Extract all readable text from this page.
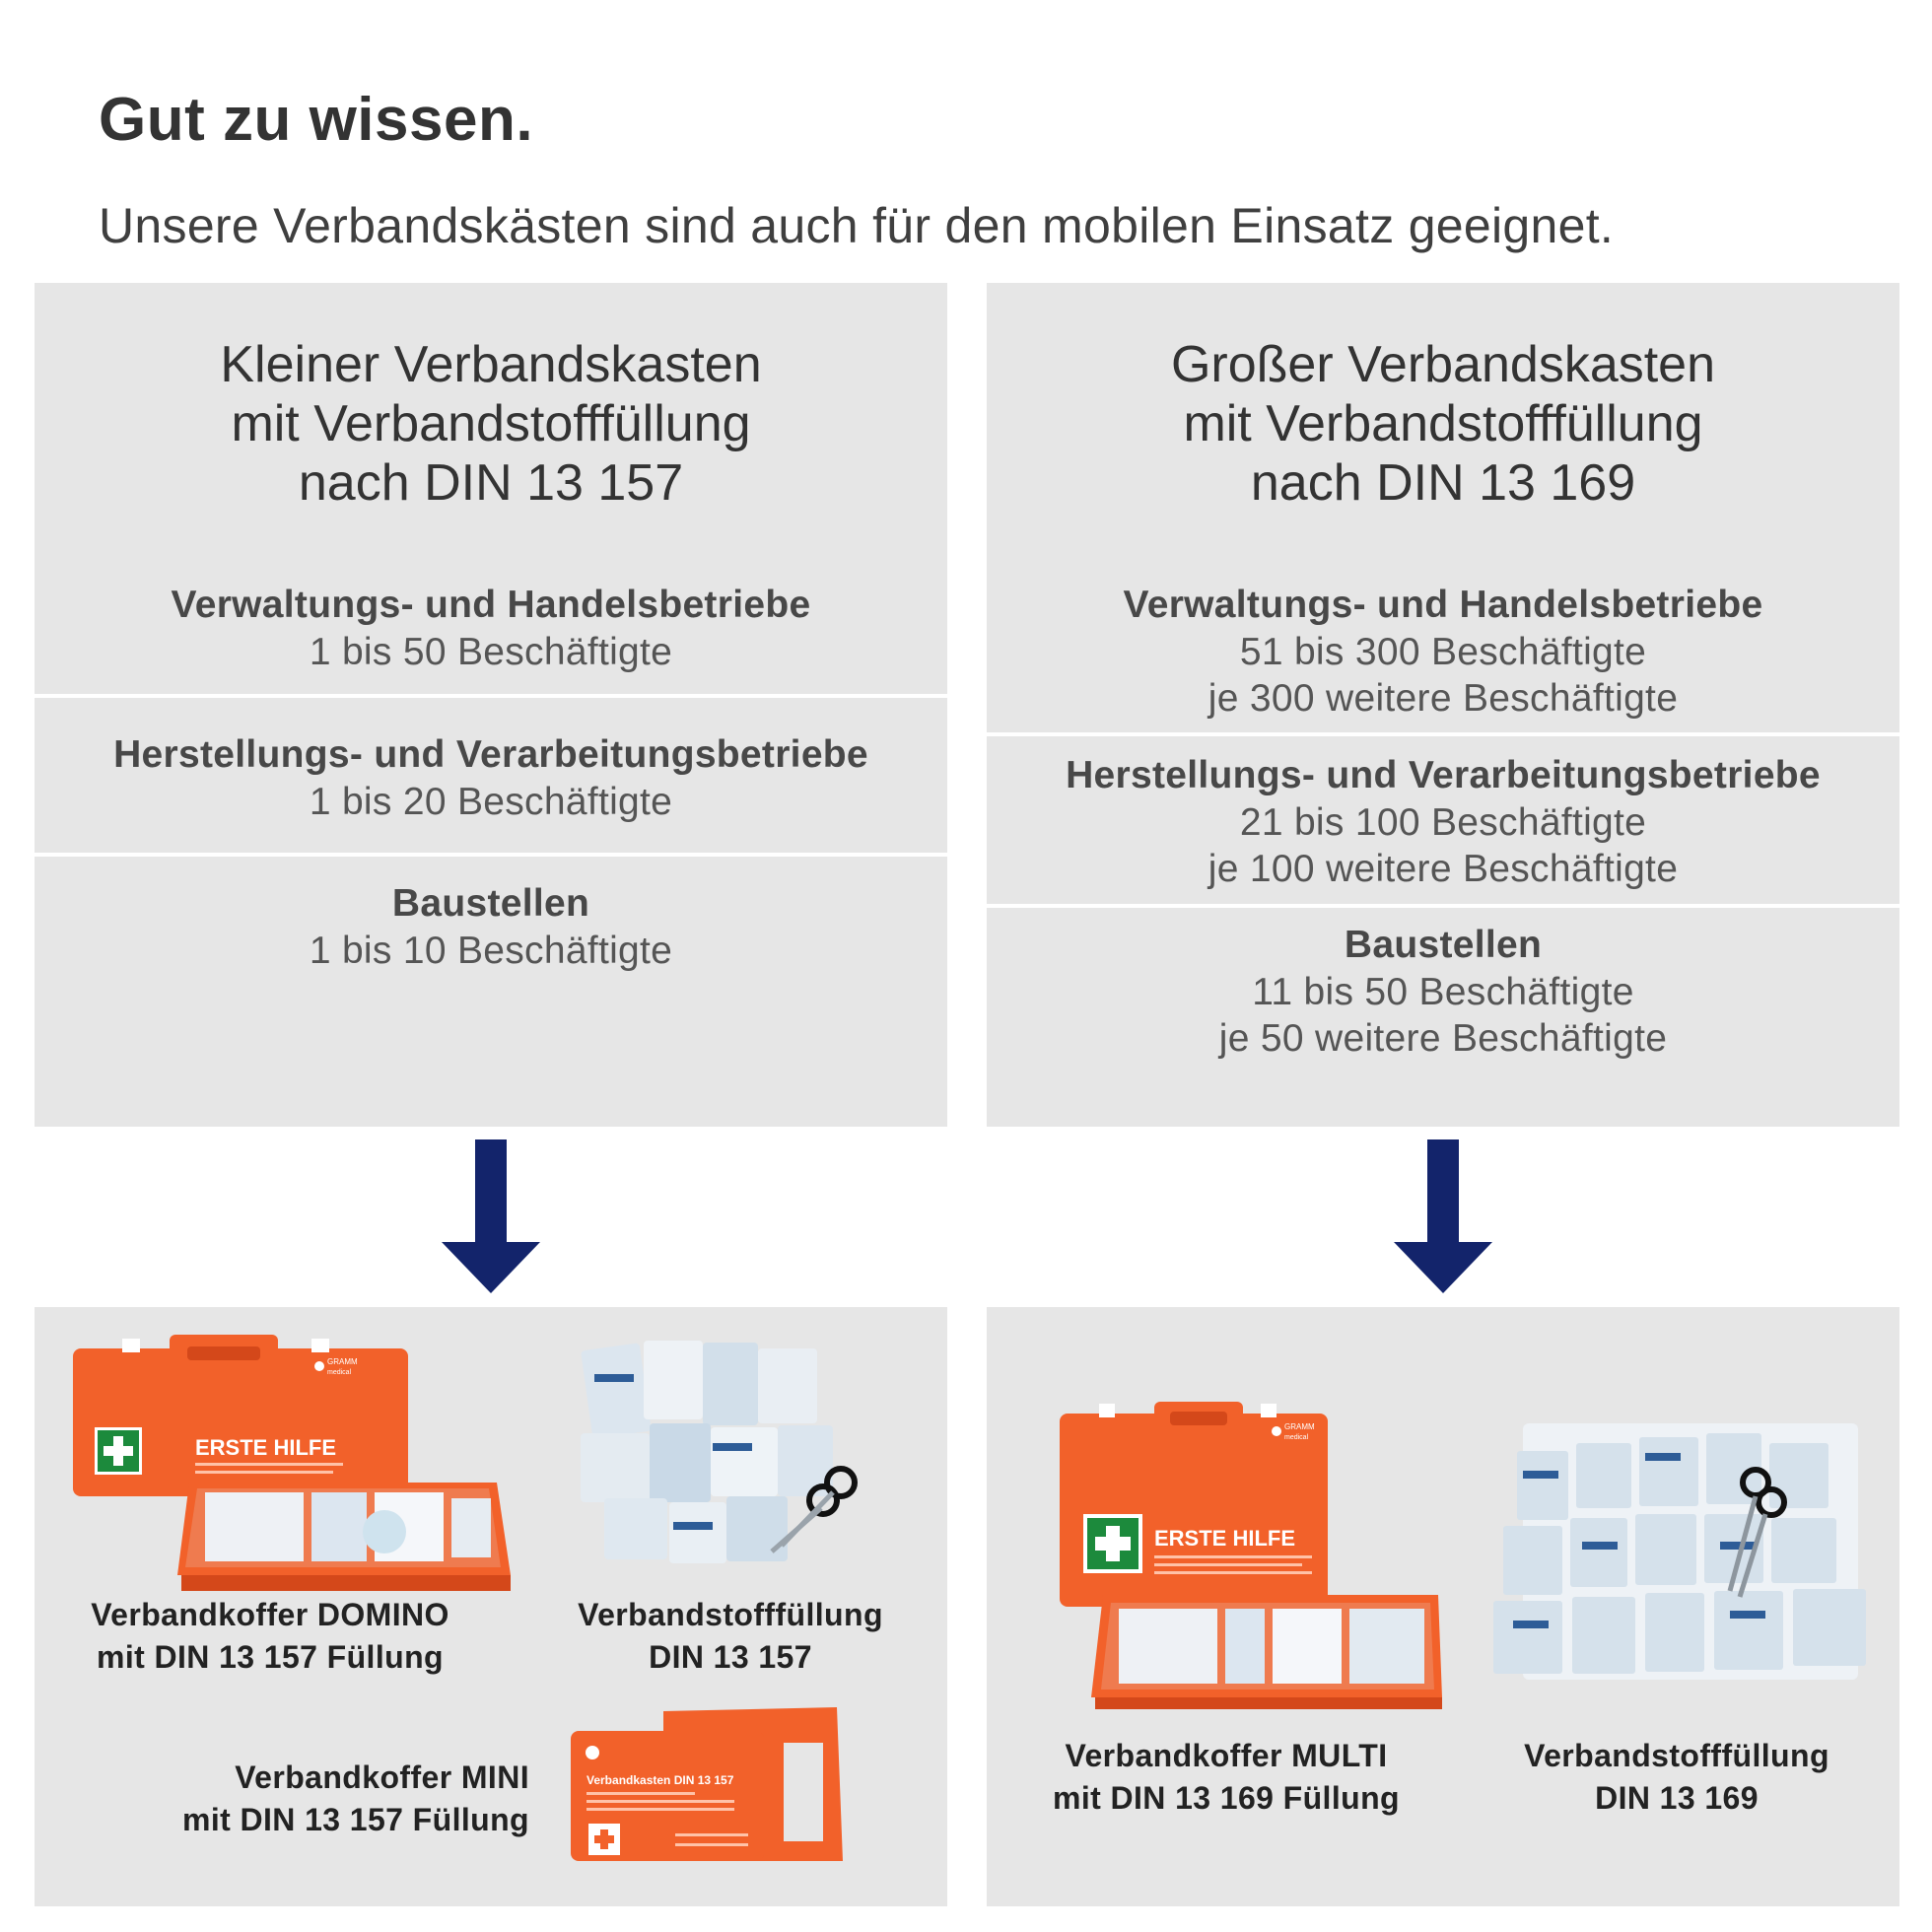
Gut zu wissen.

Unsere Verbandskästen sind auch für den mobilen Einsatz geeignet.

Kleiner Verbandskasten
mit Verbandstofffüllung
nach DIN 13 157
Verwaltungs- und Handelsbetriebe
1 bis 50 Beschäftigte
Herstellungs- und Verarbeitungsbetriebe
1 bis 20 Beschäftigte
Baustellen
1 bis 10 Beschäftigte
Großer Verbandskasten
mit Verbandstofffüllung
nach DIN 13 169
Verwaltungs- und Handelsbetriebe
51 bis 300 Beschäftigte
je 300 weitere Beschäftigte
Herstellungs- und Verarbeitungsbetriebe
21 bis 100 Beschäftigte
je 100 weitere Beschäftigte
Baustellen
11 bis 50 Beschäftigte
je 50 weitere Beschäftigte
ERSTE HILFE
GRAMM
medical
Verbandkoffer DOMINO
mit DIN 13 157 Füllung
Verbandstofffüllung
DIN 13 157
Verbandkoffer MINI
mit DIN 13 157 Füllung
Verbandkasten DIN 13 157
ERSTE HILFE
GRAMM
medical
Verbandkoffer MULTI
mit DIN 13 169 Füllung
Verbandstofffüllung
DIN 13 169
